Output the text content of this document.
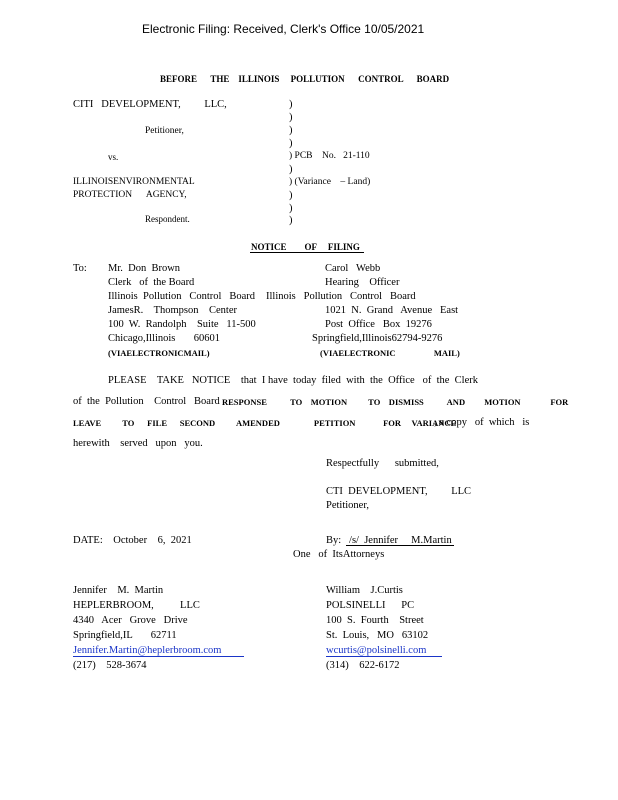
Electronic Filing: Received, Clerk's Office 10/05/2021
BEFORE      THE    ILLINOIS     POLLUTION      CONTROL      BOARD
CITI   DEVELOPMENT,         LLC,
Petitioner,
vs.
ILLINOISENVIRONMENTAL
PROTECTION      AGENCY,
Respondent.
)
)
)
)
) PCB    No.   21-110
)
) (Variance    – Land)
)
)
)
NOTICE        OF     FILING
To: Mr.  Don  Brown
Clerk   of  the Board
Illinois  Pollution   Control   Board
JamesR.    Thompson    Center
100  W.  Randolph    Suite   11-500
Chicago,Illinois       60601
(VIAELECTRONICMAIL)
Carol   Webb
Hearing    Officer
Illinois   Pollution   Control   Board
1021  N.  Grand   Avenue   East
Post  Office   Box  19276
Springfield,Illinois62794-9276
(VIAELECTRONIC                  MAIL)
PLEASE    TAKE   NOTICE    that  I have  today  filed  with  the  Office   of  the  Clerk
of  the  Pollution    Control   Board RESPONSE           TO    MOTION          TO    DISMISS           AND         MOTION              FOR
LEAVE          TO      FILE      SECOND          AMENDED                PETITION             FOR     VARIANCE
, a copy   of  which   is
herewith    served   upon   you.
Respectfully      submitted,
CTI  DEVELOPMENT,         LLC
Petitioner,
DATE:    October    6,  2021	By:   /s/  Jennifer     M.Martin
One   of  ItsAttorneys
Jennifer    M.  Martin
HEPLERBROOM,          LLC
4340   Acer   Grove   Drive
Springfield,IL       62711
Jennifer.Martin@heplerbroom.com
(217)    528-3674
William    J.Curtis
POLSINELLI      PC
100  S.  Fourth    Street
St.  Louis,   MO   63102
wcurtis@polsinelli.com
(314)    622-6172
